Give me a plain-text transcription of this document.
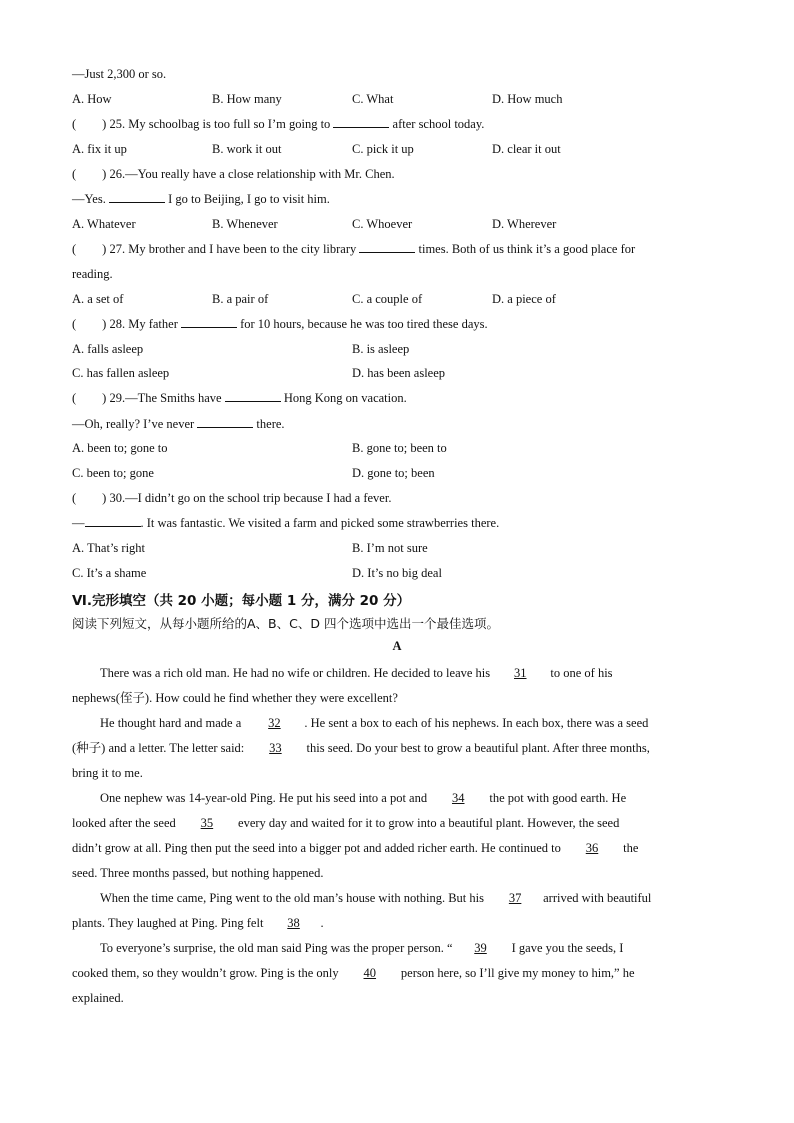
—Just 2,300 or so.
A. How	B. How many	C. What	D. How much
( ) 25. My schoolbag is too full so I’m going to	after school today.
A. fix it up	B. work it out	C. pick it up	D. clear it out
( ) 26.—You really have a close relationship with Mr. Chen.
—Yes.	I go to Beijing, I go to visit him.
A. Whatever	B. Whenever	C. Whoever	D. Wherever
( ) 27. My brother and I have been to the city library	times. Both of us think it’s a good place for
reading.
A. a set of	B. a pair of	C. a couple of	D. a piece of
( ) 28. My father	for 10 hours, because he was too tired these days.
A. falls asleep	B. is asleep
C. has fallen asleep	D. has been asleep
( ) 29.—The Smiths have	Hong Kong on vacation.
—Oh, really? I’ve never	there.
A. been to; gone to	B. gone to; been to
C. been to; gone	D. gone to; been
( ) 30.—I didn’t go on the school trip because I had a fever.
—	. It was fantastic. We visited a farm and picked some strawberries there.
A. That’s right	B. I’m not sure
C. It’s a shame	D. It’s no big deal
Ⅵ.完形填空（共 20 小题；每小题 1 分，满分 20 分）
阅读下列短文，从每小题所给的A、B、C、D 四个选项中选出一个最佳选项。
A
There was a rich old man. He had no wife or children. He decided to leave his 31 to one of his
nephews(侄子). How could he find whether they were excellent?
He thought hard and made a 32 . He sent a box to each of his nephews. In each box, there was a seed
(种子) and a letter. The letter said: 33 this seed. Do your best to grow a beautiful plant. After three months,
bring it to me.
One nephew was 14-year-old Ping. He put his seed into a pot and 34 the pot with good earth. He
looked after the seed 35 every day and waited for it to grow into a beautiful plant. However, the seed
didn’t grow at all. Ping then put the seed into a bigger pot and added richer earth. He continued to 36 the
seed. Three months passed, but nothing happened.
When the time came, Ping went to the old man’s house with nothing. But his 37 arrived with beautiful
plants. They laughed at Ping. Ping felt 38 .
To everyone’s surprise, the old man said Ping was the proper person. “ 39 I gave you the seeds, I
cooked them, so they wouldn’t grow. Ping is the only 40 person here, so I’ll give my money to him,” he
explained.
